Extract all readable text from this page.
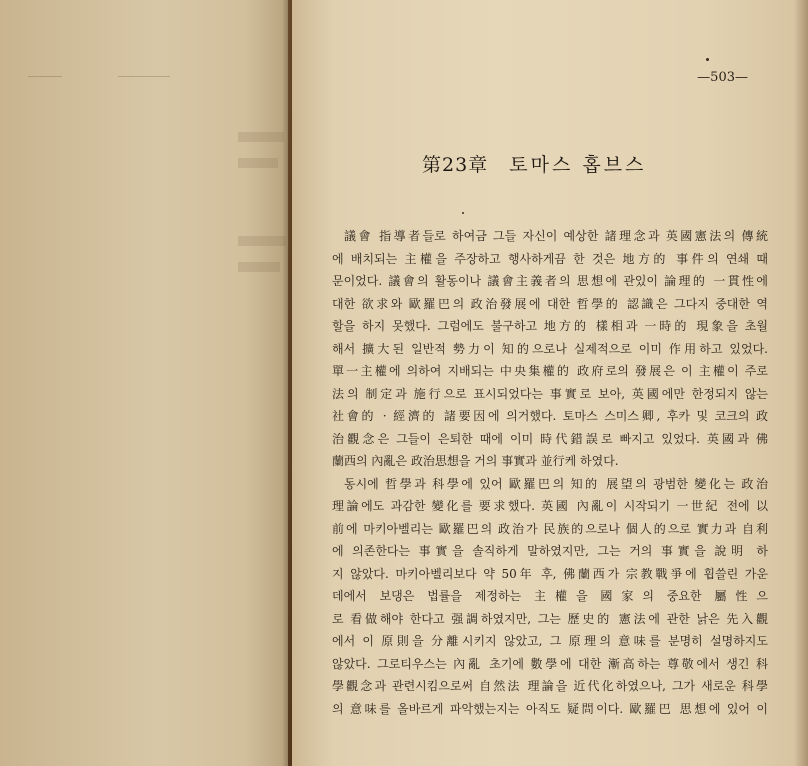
—503—
第23章 토마스 홉브스
議會 指導者들로 하여금 그들 자신이 예상한 諸理念과 英國憲法의 傳統
에 배치되는 主權을 주장하고 행사하게끔 한 것은 地方的 事件의 연쇄 때
문이었다. 議會의 활동이나 議會主義者의 思想에 관있이 論理的 一貫性에
대한 欲求와 歐羅巴의 政治發展에 대한 哲學的 認識은 그다지 중대한 역
할을 하지 못했다. 그럼에도 불구하고 地方的 樣相과 一時的 現象을 초월
해서 擴大된 일반적 勢力이 知的으로나 실제적으로 이미 作用하고 있었다.
單一主權에 의하여 지배되는 中央集權的 政府로의 發展은 이 主權이 주로
法의 制定과 施行으로 표시되었다는 事實로 보아, 英國에만 한정되지 않는
社會的 · 經濟的 諸要因에 의거했다. 토마스 스미스卿, 후카 및 코크의 政
治觀念은 그들이 은퇴한 때에 이미 時代錯誤로 빠지고 있었다. 英國과 佛
蘭西의 內亂은 政治思想을 거의 事實과 並行케 하였다.
동시에 哲學과 科學에 있어 歐羅巴의 知的 展望의 광범한 變化는 政治
理論에도 과감한 變化를 要求했다. 英國 內亂이 시작되기 一世紀 전에 以
前에 마키아벨리는 歐羅巴의 政治가 民族的으로나 個人的으로 實力과 自利
에 의존한다는 事實을 솔직하게 말하였지만, 그는 거의 事實을 說明 하
지 않았다. 마키아벨리보다 약 50年 후, 佛蘭西가 宗教戰爭에 휩쓸린 가운
데에서 보댕은 법률을 제정하는 主權을 國家의 중요한 屬性으
로 看做해야 한다고 强調하였지만, 그는 歷史的 憲法에 관한 낡은 先入觀
에서 이 原則을 分離시키지 않았고, 그 原理의 意味를 분명히 설명하지도
않았다. 그로티우스는 內亂 초기에 數學에 대한 漸高하는 尊敬에서 생긴 科
學觀念과 관련시킴으로써 自然法 理論을 近代化하였으나, 그가 새로운 科學
의 意味를 올바르게 파악했는지는 아직도 疑問이다. 歐羅巴 思想에 있어 이
